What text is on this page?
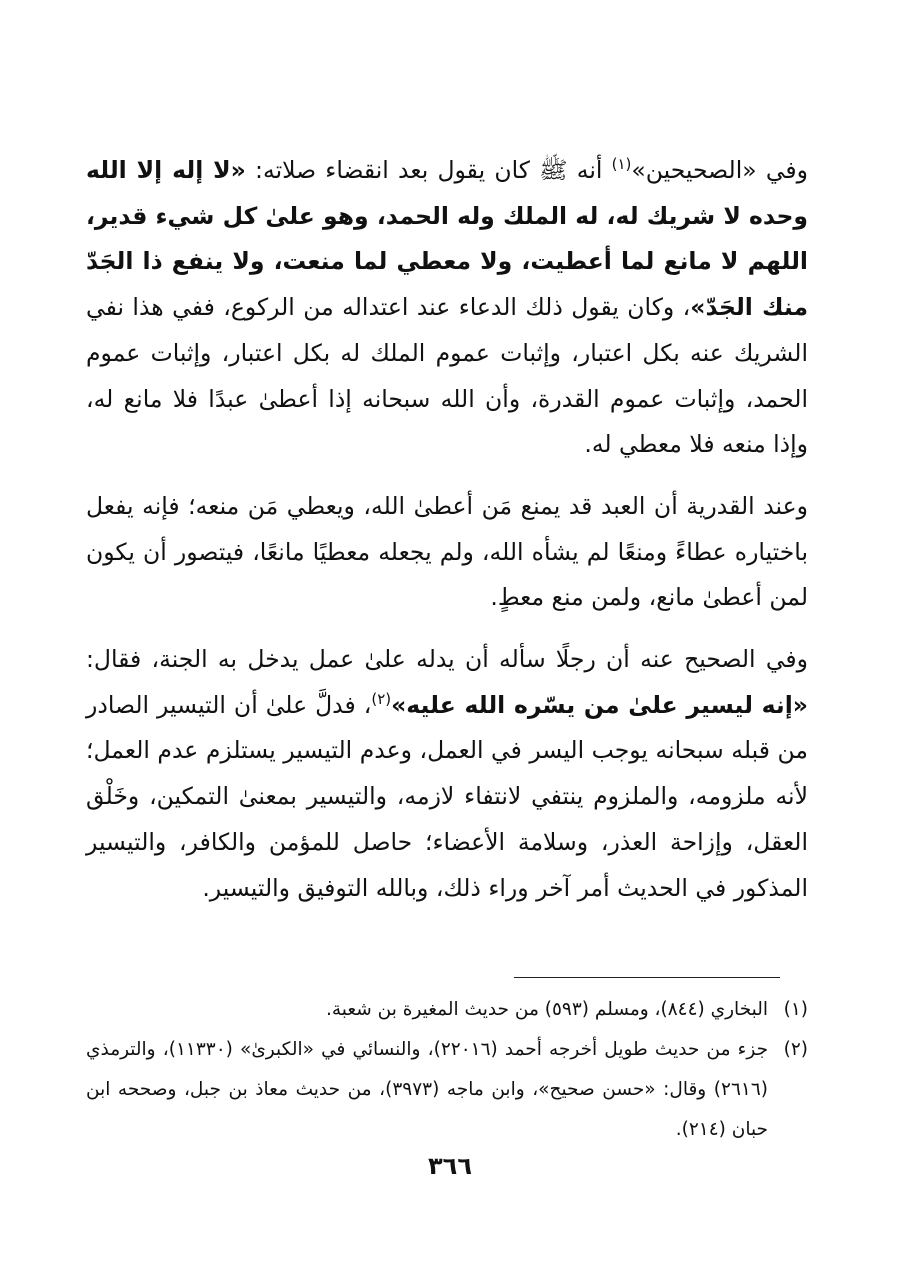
وفي «الصحيحين»$^{(١)}$ أنه ﷺ كان يقول بعد انقضاء صلاته: «لا إله إلا الله وحده لا شريك له، له الملك وله الحمد، وهو علىٰ كل شيء قدير، اللهم لا مانع لما أعطيت، ولا معطي لما منعت، ولا ينفع ذا الجَدّ منك الجَدّ»، وكان يقول ذلك الدعاء عند اعتداله من الركوع، ففي هذا نفي الشريك عنه بكل اعتبار، وإثبات عموم الملك له بكل اعتبار، وإثبات عموم الحمد، وإثبات عموم القدرة، وأن الله سبحانه إذا أعطىٰ عبدًا فلا مانع له، وإذا منعه فلا معطي له.

وعند القدرية أن العبد قد يمنع مَن أعطىٰ الله، ويعطي مَن منعه؛ فإنه يفعل باختياره عطاءً ومنعًا لم يشأه الله، ولم يجعله معطيًا مانعًا، فيتصور أن يكون لمن أعطىٰ مانع، ولمن منع معطٍ.

وفي الصحيح عنه أن رجلًا سأله أن يدله علىٰ عمل يدخل به الجنة، فقال: «إنه ليسير علىٰ من يسّره الله عليه»$^{(٢)}$، فدلَّ علىٰ أن التيسير الصادر من قبله سبحانه يوجب اليسر في العمل، وعدم التيسير يستلزم عدم العمل؛ لأنه ملزومه، والملزوم ينتفي لانتفاء لازمه، والتيسير بمعنىٰ التمكين، وخَلْق العقل، وإزاحة العذر، وسلامة الأعضاء؛ حاصل للمؤمن والكافر، والتيسير المذكور في الحديث أمر آخر وراء ذلك، وبالله التوفيق والتيسير.

(١)
البخاري (٨٤٤)، ومسلم (٥٩٣) من حديث المغيرة بن شعبة.
(٢)
جزء من حديث طويل أخرجه أحمد (٢٢٠١٦)، والنسائي في «الكبرىٰ» (١١٣٣٠)، والترمذي (٢٦١٦) وقال: «حسن صحيح»، وابن ماجه (٣٩٧٣)، من حديث معاذ بن جبل، وصححه ابن حبان (٢١٤).
٣٦٦
